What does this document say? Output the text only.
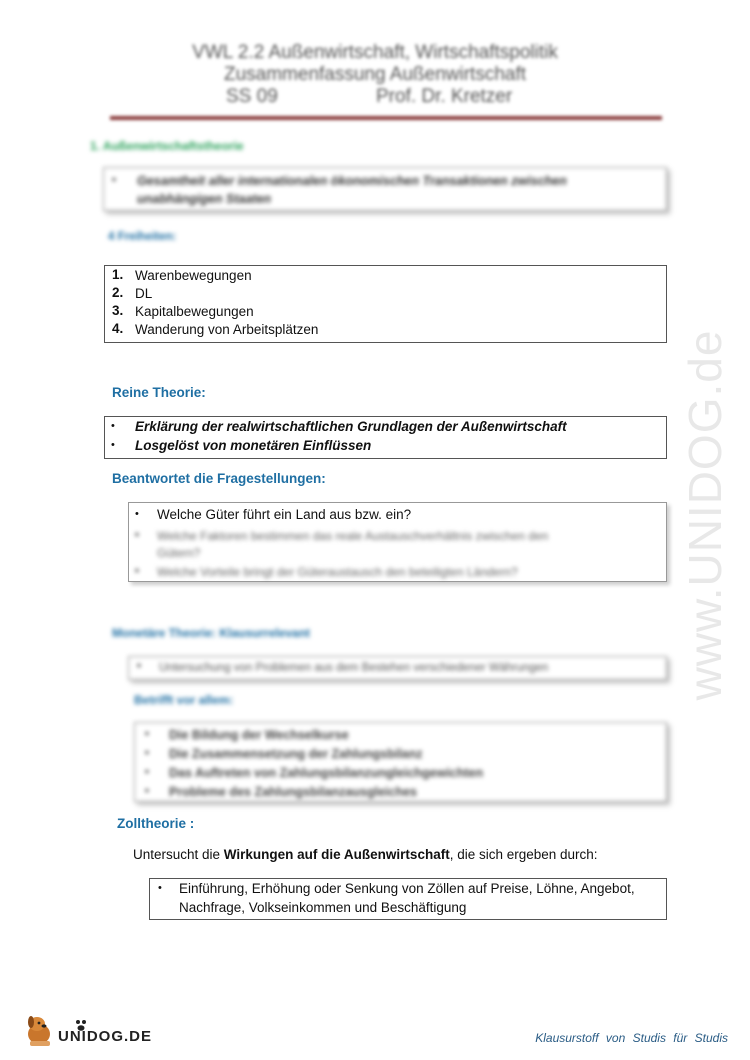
VWL 2.2 Außenwirtschaft, Wirtschaftspolitik
Zusammenfassung Außenwirtschaft
SS 09	Prof. Dr. Kretzer
www.UNIDOG.de
1. Außenwirtschaftstheorie
• Gesamtheit aller internationalen ökonomischen Transaktionen zwischen
unabhängigen Staaten
4 Freiheiten:
1. Warenbewegungen
2. DL
3. Kapitalbewegungen
4. Wanderung von Arbeitsplätzen
Reine Theorie:
• Erklärung der realwirtschaftlichen Grundlagen der Außenwirtschaft
• Losgelöst von monetären Einflüssen
Beantwortet die Fragestellungen:
• Welche Güter führt ein Land aus bzw. ein?
• Welche Faktoren bestimmen das reale Austauschverhältnis zwischen den
Gütern?
• Welche Vorteile bringt der Güteraustausch den beteiligten Ländern?
Monetäre Theorie: Klausurrelevant
• Untersuchung von Problemen aus dem Bestehen verschiedener Währungen
Betrifft vor allem:
• Die Bildung der Wechselkurse
• Die Zusammensetzung der Zahlungsbilanz
• Das Auftreten von Zahlungsbilanzungleichgewichten
• Probleme des Zahlungsbilanzausgleiches
Zolltheorie :
Untersucht die Wirkungen auf die Außenwirtschaft, die sich ergeben durch:
• Einführung, Erhöhung oder Senkung von Zöllen auf Preise, Löhne, Angebot,
Nachfrage, Volkseinkommen und Beschäftigung
UNIDOG.DE	Klausurstoff von Studis für Studis
